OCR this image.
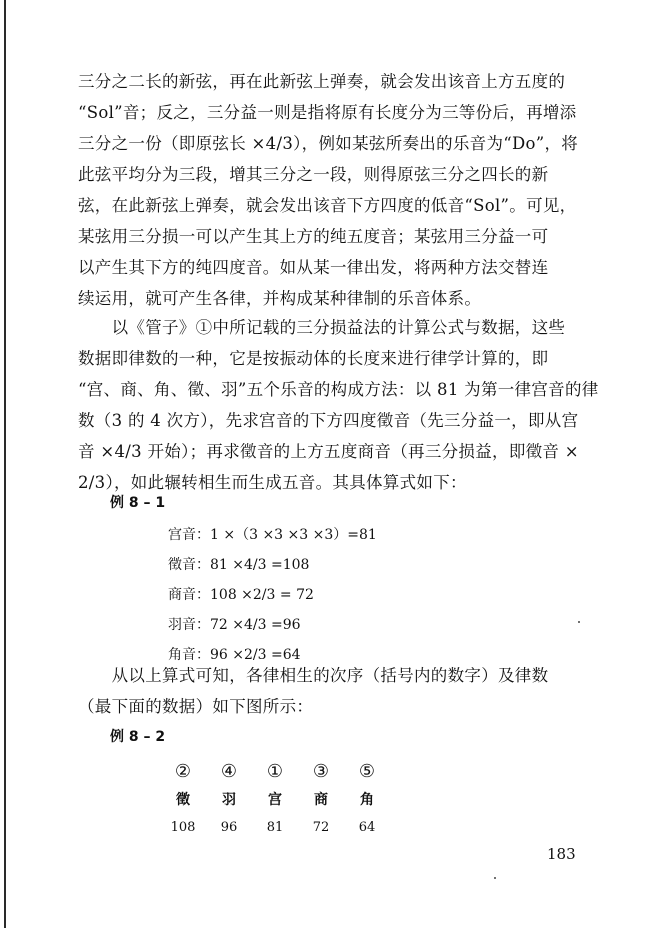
三分之二长的新弦，再在此新弦上弹奏，就会发出该音上方五度的
“Sol”音；反之，三分益一则是指将原有长度分为三等份后，再增添
三分之一份（即原弦长 ×4/3），例如某弦所奏出的乐音为“Do”，将
此弦平均分为三段，增其三分之一段，则得原弦三分之四长的新
弦，在此新弦上弹奏，就会发出该音下方四度的低音“Sol”。可见，
某弦用三分损一可以产生其上方的纯五度音；某弦用三分益一可
以产生其下方的纯四度音。如从某一律出发，将两种方法交替连
续运用，就可产生各律，并构成某种律制的乐音体系。

　　以《管子》①中所记载的三分损益法的计算公式与数据，这些
数据即律数的一种，它是按振动体的长度来进行律学计算的，即
“宫、商、角、徵、羽”五个乐音的构成方法：以 81 为第一律宫音的律
数（3 的 4 次方），先求宫音的下方四度徵音（先三分益一，即从宫
音 ×4/3 开始）；再求徵音的上方五度商音（再三分损益，即徵音 ×
2/3），如此辗转相生而生成五音。其具体算式如下：

例 8 – 1
宫音：1 ×（3 ×3 ×3 ×3）=81
徵音：81 ×4/3 =108
商音：108 ×2/3 = 72
羽音：72 ×4/3 =96
角音：96 ×2/3 =64

　　从以上算式可知，各律相生的次序（括号内的数字）及律数
（最下面的数据）如下图所示：

例 8 – 2
②	④	①	③	⑤
徵	羽	宫	商	角
108	96	81	72	64
183
